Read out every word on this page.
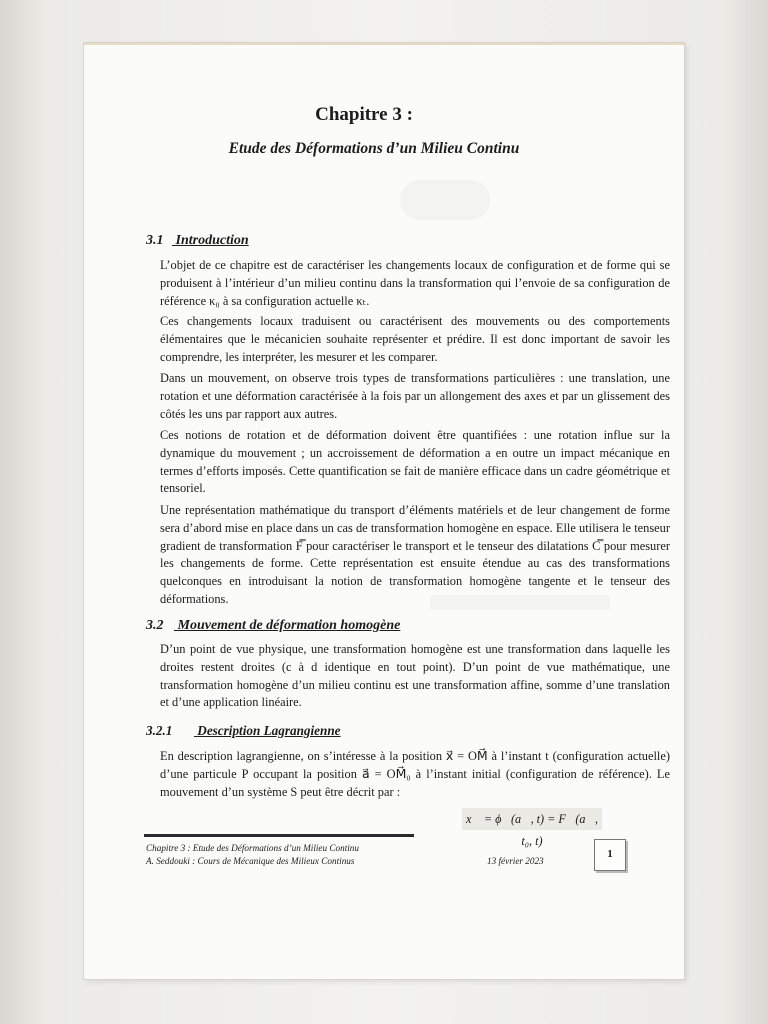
Chapitre 3 :
Etude des Déformations d’un Milieu Continu
3.1 Introduction
L’objet de ce chapitre est de caractériser les changements locaux de configuration et de forme qui se produisent à l’intérieur d’un milieu continu dans la transformation qui l’envoie de sa configuration de référence κ₀ à sa configuration actuelle κₜ.
Ces changements locaux traduisent ou caractérisent des mouvements ou des comportements élémentaires que le mécanicien souhaite représenter et prédire. Il est donc important de savoir les comprendre, les interpréter, les mesurer et les comparer.
Dans un mouvement, on observe trois types de transformations particulières : une translation, une rotation et une déformation caractérisée à la fois par un allongement des axes et par un glissement des côtés les uns par rapport aux autres.
Ces notions de rotation et de déformation doivent être quantifiées : une rotation influe sur la dynamique du mouvement ; un accroissement de déformation a en outre un impact mécanique en termes d’efforts imposés. Cette quantification se fait de manière efficace dans un cadre géométrique et tensoriel.
Une représentation mathématique du transport d’éléments matériels et de leur changement de forme sera d’abord mise en place dans un cas de transformation homogène en espace. Elle utilisera le tenseur gradient de transformation F̿ pour caractériser le transport et le tenseur des dilatations C̿ pour mesurer les changements de forme. Cette représentation est ensuite étendue au cas des transformations quelconques en introduisant la notion de transformation homogène tangente et le tenseur des déformations.
3.2 Mouvement de déformation homogène
D’un point de vue physique, une transformation homogène est une transformation dans laquelle les droites restent droites (c à d identique en tout point). D’un point de vue mathématique, une transformation homogène d’un milieu continu est une transformation affine, somme d’une translation et d’une application linéaire.
3.2.1 Description Lagrangienne
En description lagrangienne, on s’intéresse à la position x⃗ = OM⃗ à l’instant t (configuration actuelle) d’une particule P occupant la position a⃗ = OM⃗₀ à l’instant initial (configuration de référence). Le mouvement d’un système S peut être décrit par :
x⃗ = ϕ⃗(a⃗, t) = F⃗(a⃗, t₀, t)
Chapitre 3 : Etude des Déformations d’un Milieu Continu
A. Seddouki : Cours de Mécanique des Milieux Continus	13 février 2023
1
